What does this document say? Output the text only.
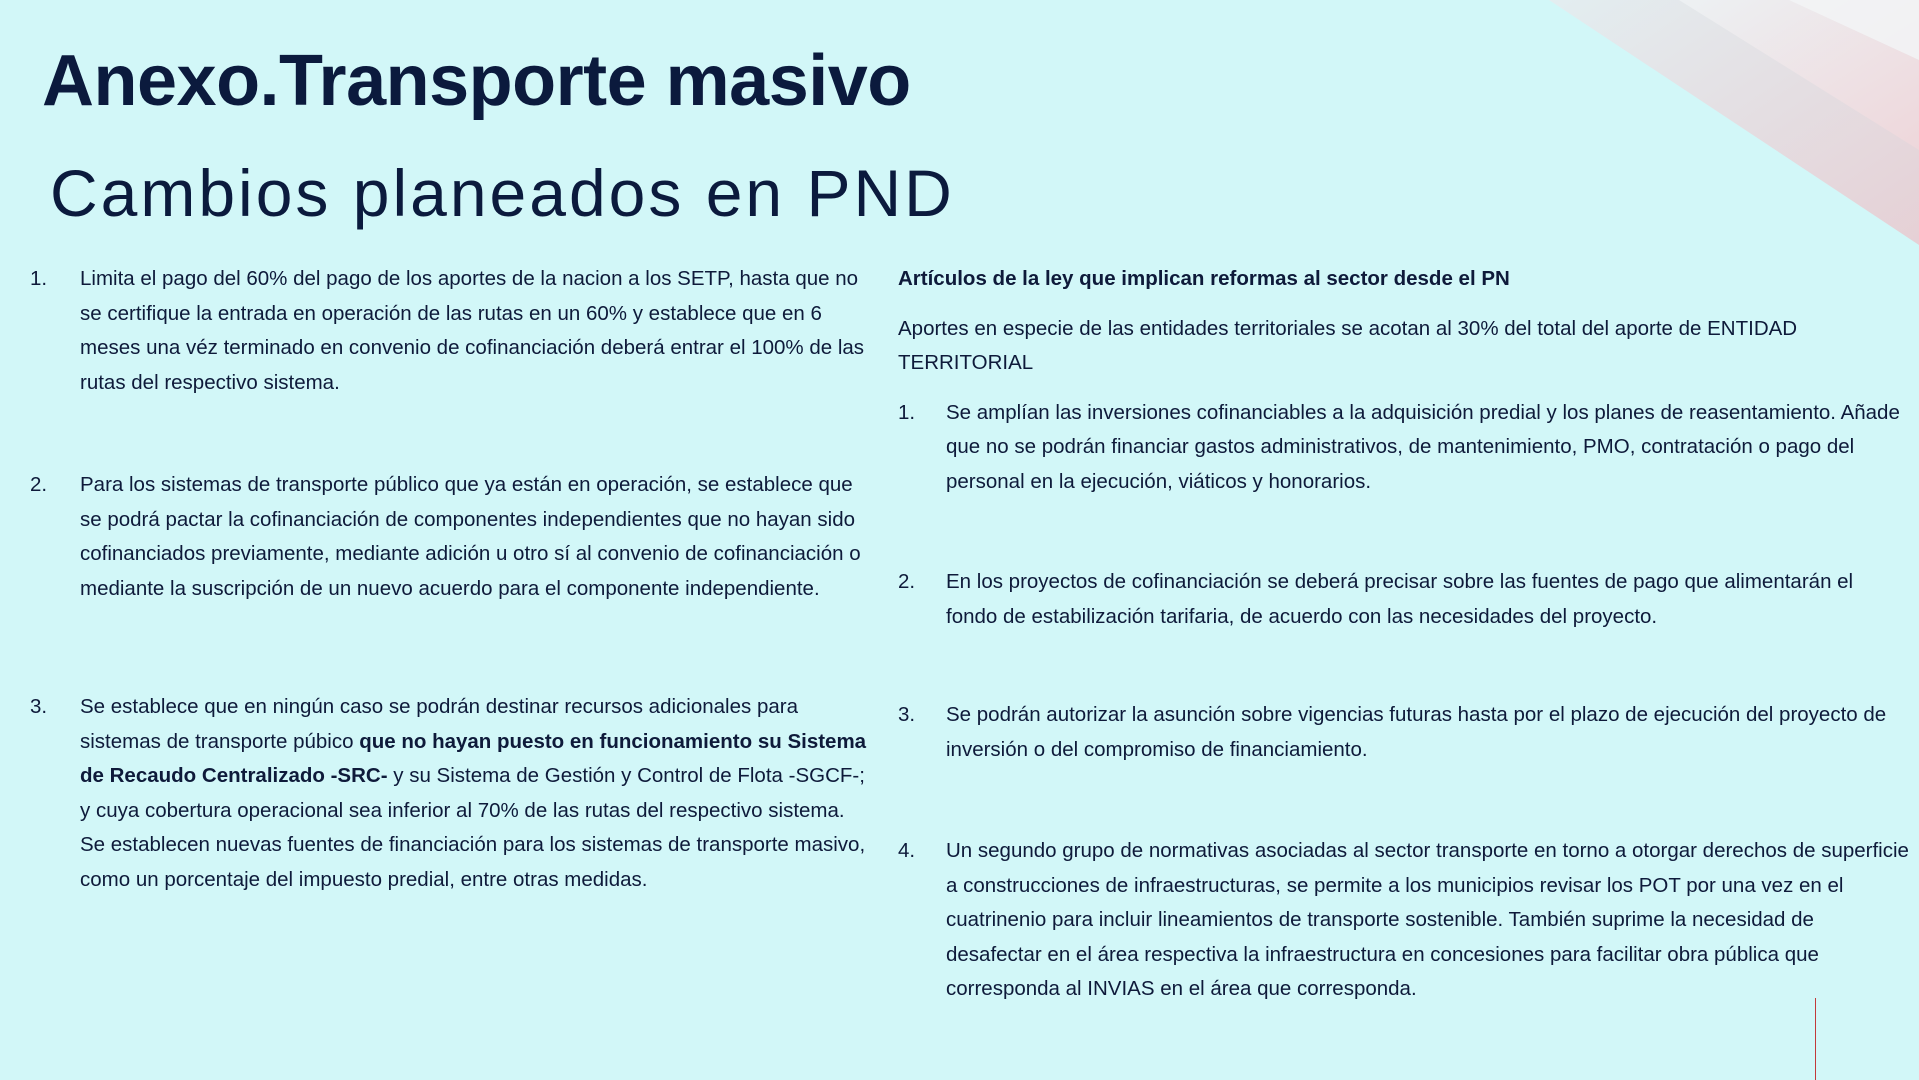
Anexo.Transporte masivo
Cambios planeados en PND
1. Limita el pago del 60% del pago de los aportes de la nacion a los SETP, hasta que no se certifique la entrada en operación de las rutas en un 60% y establece que en 6 meses una véz terminado en convenio de cofinanciación deberá entrar el 100% de las rutas del respectivo sistema.
2. Para los sistemas de transporte público que ya están en operación, se establece que se podrá pactar la cofinanciación de componentes independientes que no hayan sido cofinanciados previamente, mediante adición u otro sí al convenio de cofinanciación o mediante la suscripción de un nuevo acuerdo para el componente independiente.
3. Se establece que en ningún caso se podrán destinar recursos adicionales para sistemas de transporte púbico que no hayan puesto en funcionamiento su Sistema de Recaudo Centralizado -SRC- y su Sistema de Gestión y Control de Flota -SGCF-; y cuya cobertura operacional sea inferior al 70% de las rutas del respectivo sistema. Se establecen nuevas fuentes de financiación para los sistemas de transporte masivo, como un porcentaje del impuesto predial, entre otras medidas.

Artículos de la ley que implican reformas al sector desde el PN

Aportes en especie de las entidades territoriales se acotan al 30% del total del aporte de ENTIDAD TERRITORIAL

1. Se amplían las inversiones cofinanciables a la adquisición predial y los planes de reasentamiento. Añade que no se podrán financiar gastos administrativos, de mantenimiento, PMO, contratación o pago del personal en la ejecución, viáticos y honorarios.
2. En los proyectos de cofinanciación se deberá precisar sobre las fuentes de pago que alimentarán el fondo de estabilización tarifaria, de acuerdo con las necesidades del proyecto.
3. Se podrán autorizar la asunción sobre vigencias futuras hasta por el plazo de ejecución del proyecto de inversión o del compromiso de financiamiento.
4. Un segundo grupo de normativas asociadas al sector transporte en torno a otorgar derechos de superficie a construcciones de infraestructuras, se permite a los municipios revisar los POT por una vez en el cuatrinenio para incluir lineamientos de transporte sostenible. También suprime la necesidad de desafectar en el área respectiva la infraestructura en concesiones para facilitar obra pública que corresponda al INVIAS en el área que corresponda.
